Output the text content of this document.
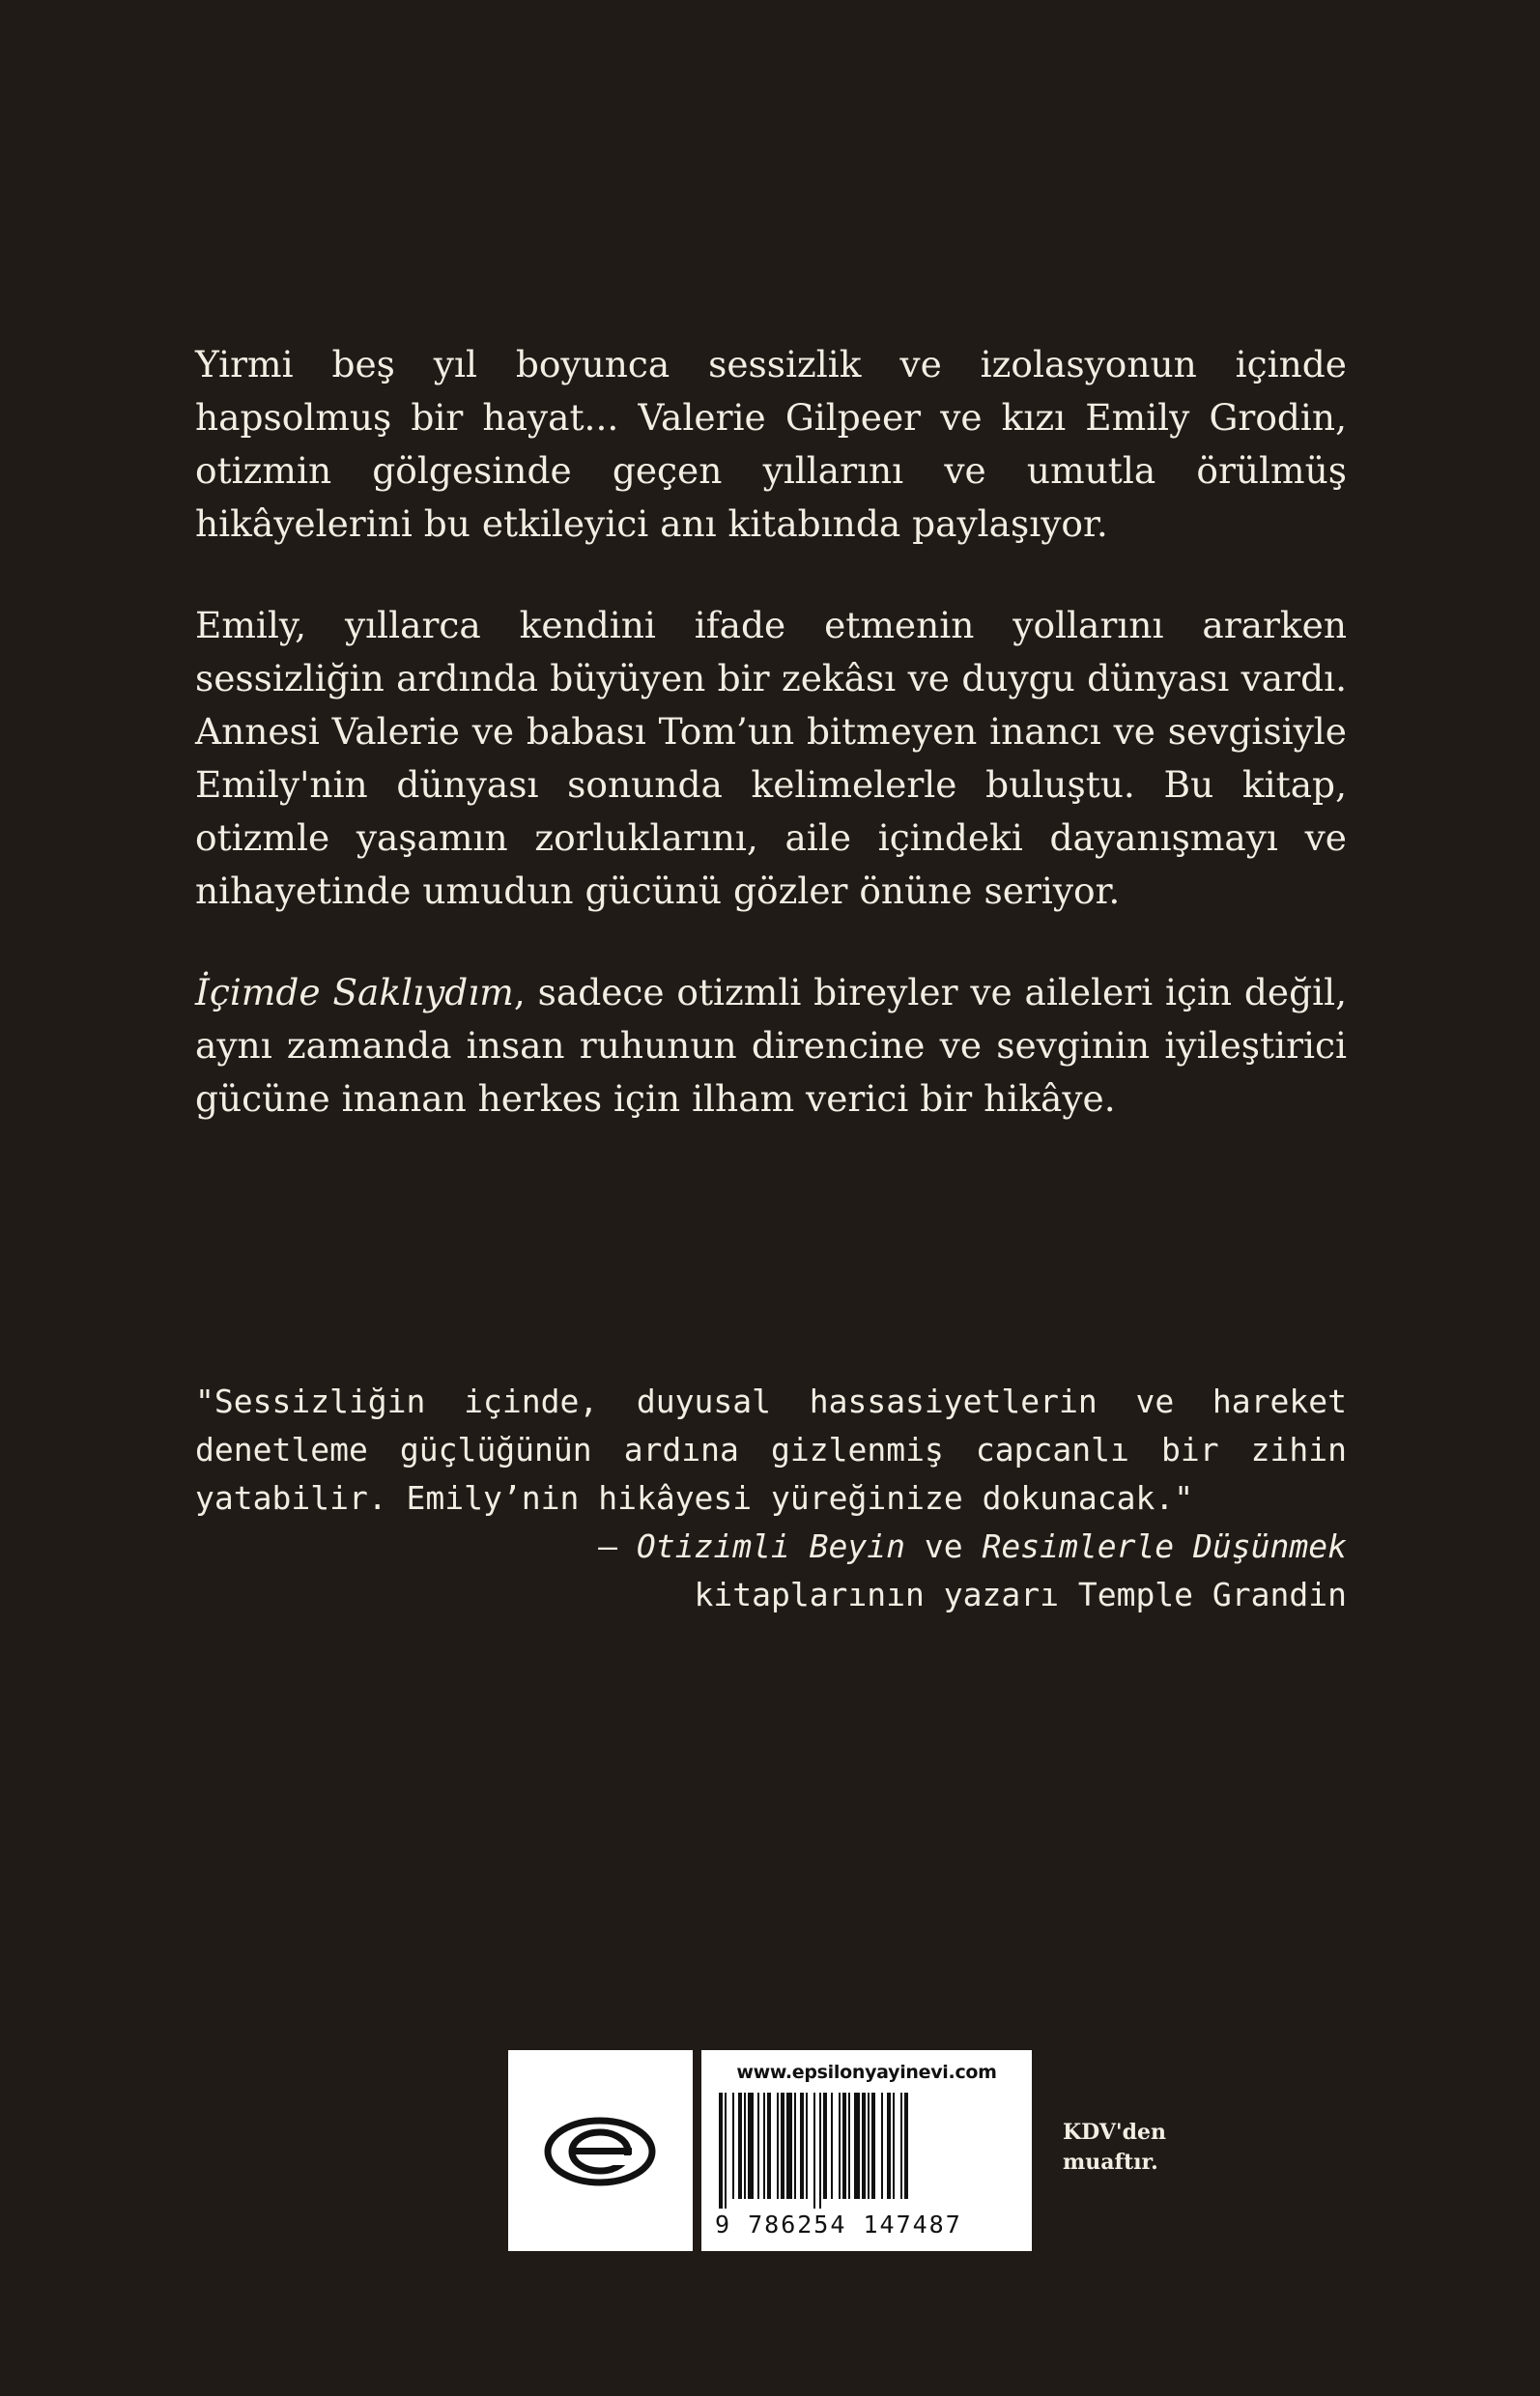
Yirmi beş yıl boyunca sessizlik ve izolasyonun içinde hapsolmuş bir hayat... Valerie Gilpeer ve kızı Emily Grodin, otizmin gölgesinde geçen yıllarını ve umutla örülmüş hikâyelerini bu etkileyici anı kitabında paylaşıyor.

Emily, yıllarca kendini ifade etmenin yollarını ararken sessizliğin ardında büyüyen bir zekâsı ve duygu dünyası vardı. Annesi Valerie ve babası Tom’un bitmeyen inancı ve sevgisiyle Emily'nin dünyası sonunda kelimelerle buluştu. Bu kitap, otizmle yaşamın zorluklarını, aile içindeki dayanışmayı ve nihayetinde umudun gücünü gözler önüne seriyor.

İçimde Saklıydım, sadece otizmli bireyler ve aileleri için değil, aynı zamanda insan ruhunun direncine ve sevginin iyileştirici gücüne inanan herkes için ilham verici bir hikâye.

"Sessizliğin içinde, duyusal hassasiyetlerin ve hareket denetleme güçlüğünün ardına gizlenmiş capcanlı bir zihin yatabilir. Emily’nin hikâyesi yüreğinize dokunacak."

– Otizimli Beyin ve Resimlerle Düşünmek

kitaplarının yazarı Temple Grandin

www.epsilonyayinevi.com
9 786254 147487
KDV'den
muaftır.
